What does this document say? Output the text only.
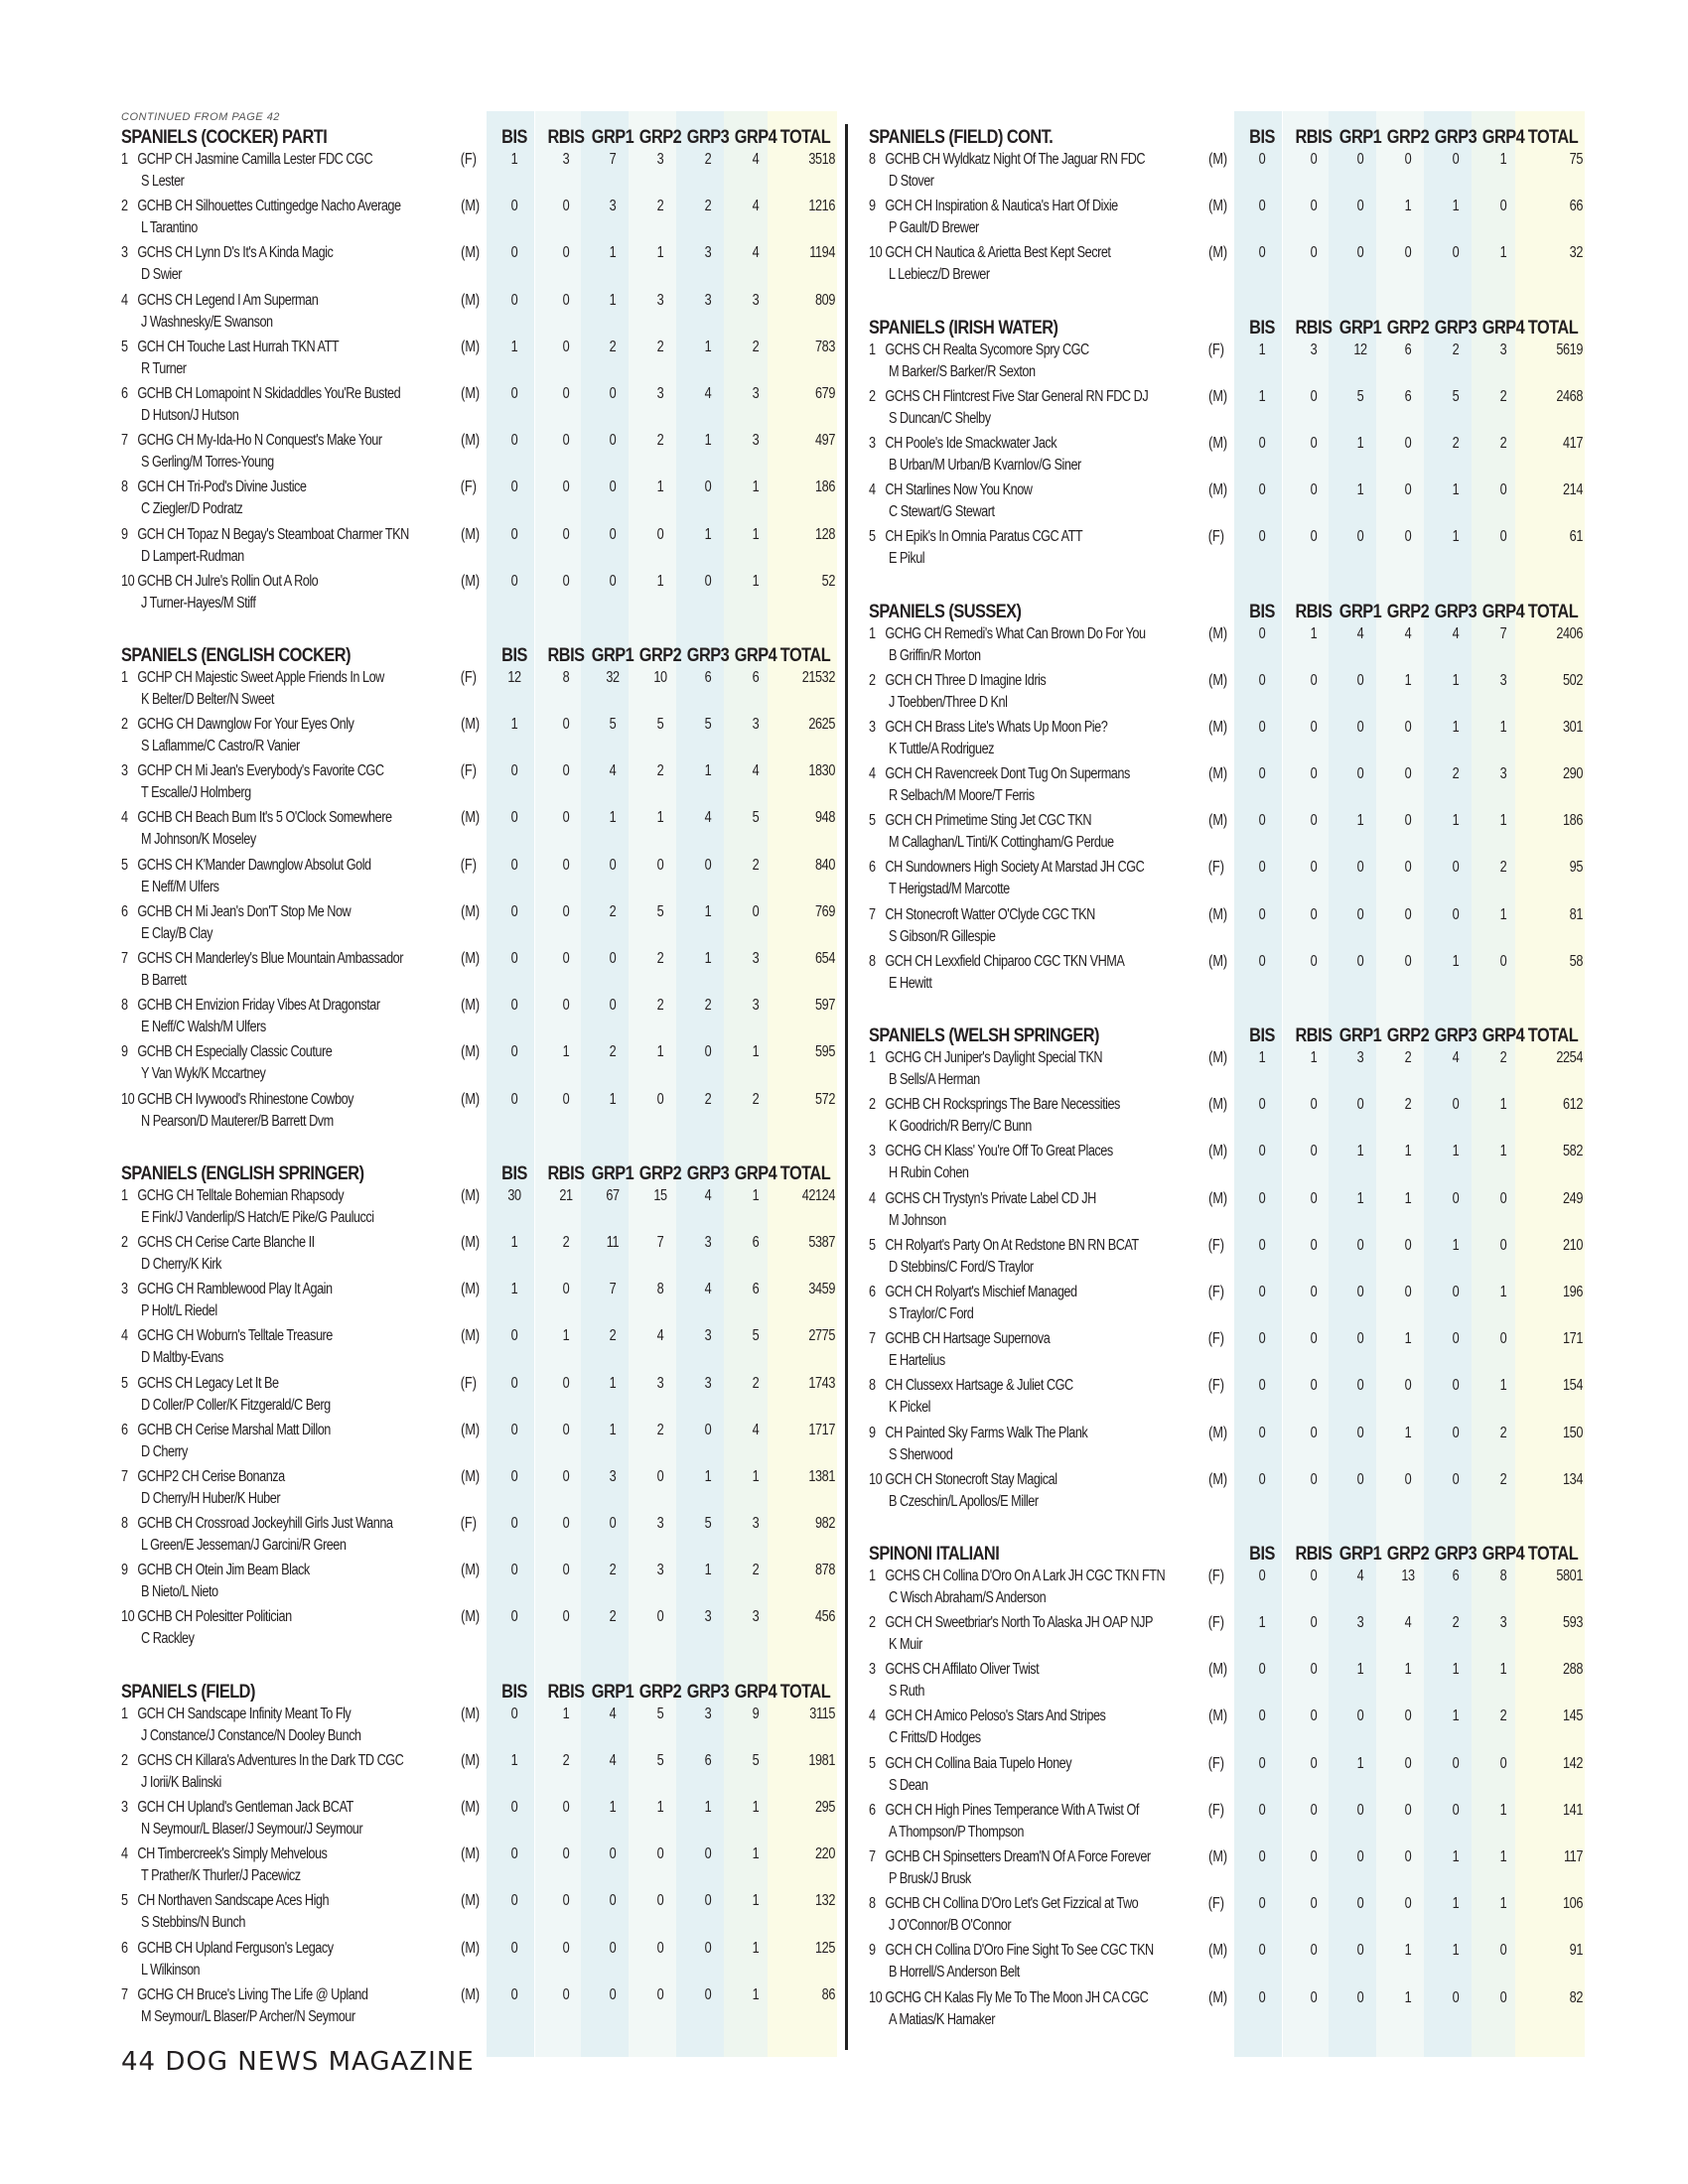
CONTINUED FROM PAGE 42
SPANIELS (COCKER) PARTI	BIS	RBIS GRP1 GRP2 GRP3 GRP4 TOTAL
1 GCHP CH Jasmine Camilla Lester FDC CGC
S Lester
(F)	1	3	7	3	2	4	3518
2 GCHB CH Silhouettes Cuttingedge Nacho Average
L Tarantino
(M)	0	0	3	2	2	4	1216
3 GCHS CH Lynn D's It's A Kinda Magic
D Swier
(M)	0	0	1	1	3	4	1194
4 GCHS CH Legend I Am Superman
J Washnesky/E Swanson
(M)	0	0	1	3	3	3	809
5 GCH CH Touche Last Hurrah TKN ATT
R Turner
(M)	1	0	2	2	1	2	783
6 GCHB CH Lomapoint N Skidaddles You'Re Busted
D Hutson/J Hutson
(M)	0	0	0	3	4	3	679
7 GCHG CH My-Ida-Ho N Conquest's Make Your
S Gerling/M Torres-Young
(M)	0	0	0	2	1	3	497
8 GCH CH Tri-Pod's Divine Justice
C Ziegler/D Podratz
(F)	0	0	0	1	0	1	186
9 GCH CH Topaz N Begay's Steamboat Charmer TKN
D Lampert-Rudman
(M)	0	0	0	0	1	1	128
10 GCHB CH Julre's Rollin Out A Rolo
J Turner-Hayes/M Stiff
(M)	0	0	0	1	0	1	52
SPANIELS (ENGLISH COCKER)	BIS	RBIS GRP1 GRP2 GRP3 GRP4 TOTAL
1 GCHP CH Majestic Sweet Apple Friends In Low
K Belter/D Belter/N Sweet
(F)	12	8	32	10	6	6	21532
2 GCHG CH Dawnglow For Your Eyes Only
S Laflamme/C Castro/R Vanier
(M)	1	0	5	5	5	3	2625
3 GCHP CH Mi Jean's Everybody's Favorite CGC
T Escalle/J Holmberg
(F)	0	0	4	2	1	4	1830
4 GCHB CH Beach Bum It's 5 O'Clock Somewhere
M Johnson/K Moseley
(M)	0	0	1	1	4	5	948
5 GCHS CH K'Mander Dawnglow Absolut Gold
E Neff/M Ulfers
(F)	0	0	0	0	0	2	840
6 GCHB CH Mi Jean's Don'T Stop Me Now
E Clay/B Clay
(M)	0	0	2	5	1	0	769
7 GCHS CH Manderley's Blue Mountain Ambassador
B Barrett
(M)	0	0	0	2	1	3	654
8 GCHB CH Envizion Friday Vibes At Dragonstar
E Neff/C Walsh/M Ulfers
(M)	0	0	0	2	2	3	597
9 GCHB CH Especially Classic Couture
Y Van Wyk/K Mccartney
(M)	0	1	2	1	0	1	595
10 GCHB CH Ivywood's Rhinestone Cowboy
N Pearson/D Mauterer/B Barrett Dvm
(M)	0	0	1	0	2	2	572
SPANIELS (ENGLISH SPRINGER)	BIS	RBIS GRP1 GRP2 GRP3 GRP4 TOTAL
1 GCHG CH Telltale Bohemian Rhapsody
E Fink/J Vanderlip/S Hatch/E Pike/G Paulucci
(M)	30	21	67	15	4	1	42124
2 GCHS CH Cerise Carte Blanche II
D Cherry/K Kirk
(M)	1	2	11	7	3	6	5387
3 GCHG CH Ramblewood Play It Again
P Holt/L Riedel
(M)	1	0	7	8	4	6	3459
4 GCHG CH Woburn's Telltale Treasure
D Maltby-Evans
(M)	0	1	2	4	3	5	2775
5 GCHS CH Legacy Let It Be
D Coller/P Coller/K Fitzgerald/C Berg
(F)	0	0	1	3	3	2	1743
6 GCHB CH Cerise Marshal Matt Dillon
D Cherry
(M)	0	0	1	2	0	4	1717
7 GCHP2 CH Cerise Bonanza
D Cherry/H Huber/K Huber
(M)	0	0	3	0	1	1	1381
8 GCHB CH Crossroad Jockeyhill Girls Just Wanna
L Green/E Jesseman/J Garcini/R Green
(F)	0	0	0	3	5	3	982
9 GCHB CH Otein Jim Beam Black
B Nieto/L Nieto
(M)	0	0	2	3	1	2	878
10 GCHB CH Polesitter Politician
C Rackley
(M)	0	0	2	0	3	3	456
SPANIELS (FIELD)	BIS	RBIS GRP1 GRP2 GRP3 GRP4 TOTAL
1 GCH CH Sandscape Infinity Meant To Fly
J Constance/J Constance/N Dooley Bunch
(M)	0	1	4	5	3	9	3115
2 GCHS CH Killara's Adventures In the Dark TD CGC
J Iorii/K Balinski
(M)	1	2	4	5	6	5	1981
3 GCH CH Upland's Gentleman Jack BCAT
N Seymour/L Blaser/J Seymour/J Seymour
(M)	0	0	1	1	1	1	295
4 CH Timbercreek's Simply Mehvelous
T Prather/K Thurler/J Pacewicz
(M)	0	0	0	0	0	1	220
5 CH Northaven Sandscape Aces High
S Stebbins/N Bunch
(M)	0	0	0	0	0	1	132
6 GCHB CH Upland Ferguson's Legacy
L Wilkinson
(M)	0	0	0	0	0	1	125
7 GCHG CH Bruce's Living The Life @ Upland
M Seymour/L Blaser/P Archer/N Seymour
(M)	0	0	0	0	0	1	86
SPANIELS (FIELD) CONT.	BIS	RBIS GRP1 GRP2 GRP3 GRP4 TOTAL
8 GCHB CH Wyldkatz Night Of The Jaguar RN FDC
D Stover
(M)	0	0	0	0	0	1	75
9 GCH CH Inspiration & Nautica's Hart Of Dixie
P Gault/D Brewer
(M)	0	0	0	1	1	0	66
10 GCH CH Nautica & Arietta Best Kept Secret
L Lebiecz/D Brewer
(M)	0	0	0	0	0	1	32
SPANIELS (IRISH WATER)	BIS	RBIS GRP1 GRP2 GRP3 GRP4 TOTAL
1 GCHS CH Realta Sycomore Spry CGC
M Barker/S Barker/R Sexton
(F)	1	3	12	6	2	3	5619
2 GCHS CH Flintcrest Five Star General RN FDC DJ
S Duncan/C Shelby
(M)	1	0	5	6	5	2	2468
3 CH Poole's Ide Smackwater Jack
B Urban/M Urban/B Kvarnlov/G Siner
(M)	0	0	1	0	2	2	417
4 CH Starlines Now You Know
C Stewart/G Stewart
(M)	0	0	1	0	1	0	214
5 CH Epik's In Omnia Paratus CGC ATT
E Pikul
(F)	0	0	0	0	1	0	61
SPANIELS (SUSSEX)	BIS	RBIS GRP1 GRP2 GRP3 GRP4 TOTAL
1 GCHG CH Remedi's What Can Brown Do For You
B Griffin/R Morton
(M)	0	1	4	4	4	7	2406
2 GCH CH Three D Imagine Idris
J Toebben/Three D Knl
(M)	0	0	0	1	1	3	502
3 GCH CH Brass Lite's Whats Up Moon Pie?
K Tuttle/A Rodriguez
(M)	0	0	0	0	1	1	301
4 GCH CH Ravencreek Dont Tug On Supermans
R Selbach/M Moore/T Ferris
(M)	0	0	0	0	2	3	290
5 GCH CH Primetime Sting Jet CGC TKN
M Callaghan/L Tinti/K Cottingham/G Perdue
(M)	0	0	1	0	1	1	186
6 CH Sundowners High Society At Marstad JH CGC
T Herigstad/M Marcotte
(F)	0	0	0	0	0	2	95
7 CH Stonecroft Watter O'Clyde CGC TKN
S Gibson/R Gillespie
(M)	0	0	0	0	0	1	81
8 GCH CH Lexxfield Chiparoo CGC TKN VHMA
E Hewitt
(M)	0	0	0	0	1	0	58
SPANIELS (WELSH SPRINGER)	BIS	RBIS GRP1 GRP2 GRP3 GRP4 TOTAL
1 GCHG CH Juniper's Daylight Special TKN
B Sells/A Herman
(M)	1	1	3	2	4	2	2254
2 GCHB CH Rocksprings The Bare Necessities
K Goodrich/R Berry/C Bunn
(M)	0	0	0	2	0	1	612
3 GCHG CH Klass' You're Off To Great Places
H Rubin Cohen
(M)	0	0	1	1	1	1	582
4 GCHS CH Trystyn's Private Label CD JH
M Johnson
(M)	0	0	1	1	0	0	249
5 CH Rolyart's Party On At Redstone BN RN BCAT
D Stebbins/C Ford/S Traylor
(F)	0	0	0	0	1	0	210
6 GCH CH Rolyart's Mischief Managed
S Traylor/C Ford
(F)	0	0	0	0	0	1	196
7 GCHB CH Hartsage Supernova
E Hartelius
(F)	0	0	0	1	0	0	171
8 CH Clussexx Hartsage & Juliet CGC
K Pickel
(F)	0	0	0	0	0	1	154
9 CH Painted Sky Farms Walk The Plank
S Sherwood
(M)	0	0	0	1	0	2	150
10 GCH CH Stonecroft Stay Magical
B Czeschin/L Apollos/E Miller
(M)	0	0	0	0	0	2	134
SPINONI ITALIANI	BIS	RBIS GRP1 GRP2 GRP3 GRP4 TOTAL
1 GCHS CH Collina D'Oro On A Lark JH CGC TKN FTN
C Wisch Abraham/S Anderson
(F)	0	0	4	13	6	8	5801
2 GCH CH Sweetbriar's North To Alaska JH OAP NJP
K Muir
(F)	1	0	3	4	2	3	593
3 GCHS CH Affilato Oliver Twist
S Ruth
(M)	0	0	1	1	1	1	288
4 GCH CH Amico Peloso's Stars And Stripes
C Fritts/D Hodges
(M)	0	0	0	0	1	2	145
5 GCH CH Collina Baia Tupelo Honey
S Dean
(F)	0	0	1	0	0	0	142
6 GCH CH High Pines Temperance With A Twist Of
A Thompson/P Thompson
(F)	0	0	0	0	0	1	141
7 GCHB CH Spinsetters Dream'N Of A Force Forever
P Brusk/J Brusk
(M)	0	0	0	0	1	1	117
8 GCHB CH Collina D'Oro Let's Get Fizzical at Two
J O'Connor/B O'Connor
(F)	0	0	0	0	1	1	106
9 GCH CH Collina D'Oro Fine Sight To See CGC TKN
B Horrell/S Anderson Belt
(M)	0	0	0	1	1	0	91
10 GCHG CH Kalas Fly Me To The Moon JH CA CGC
A Matias/K Hamaker
(M)	0	0	0	1	0	0	82
44 DOG NEWS MAGAZINE
